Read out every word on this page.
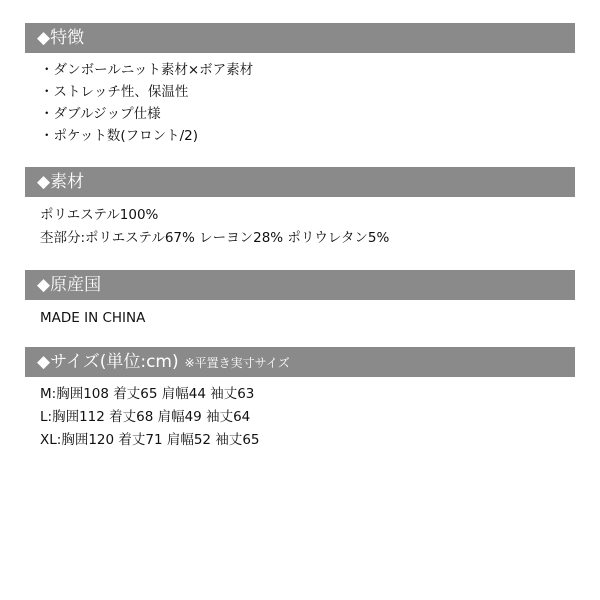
◆特徴
・ダンボールニット素材×ボア素材
・ストレッチ性、保温性
・ダブルジップ仕様
・ポケット数(フロント/2)
◆素材
ポリエステル100%
杢部分:ポリエステル67% レーヨン28% ポリウレタン5%
◆原産国
MADE IN CHINA
◆サイズ(単位:cm) ※平置き実寸サイズ
M:胸囲108 着丈65 肩幅44 袖丈63
L:胸囲112 着丈68 肩幅49 袖丈64
XL:胸囲120 着丈71 肩幅52 袖丈65
